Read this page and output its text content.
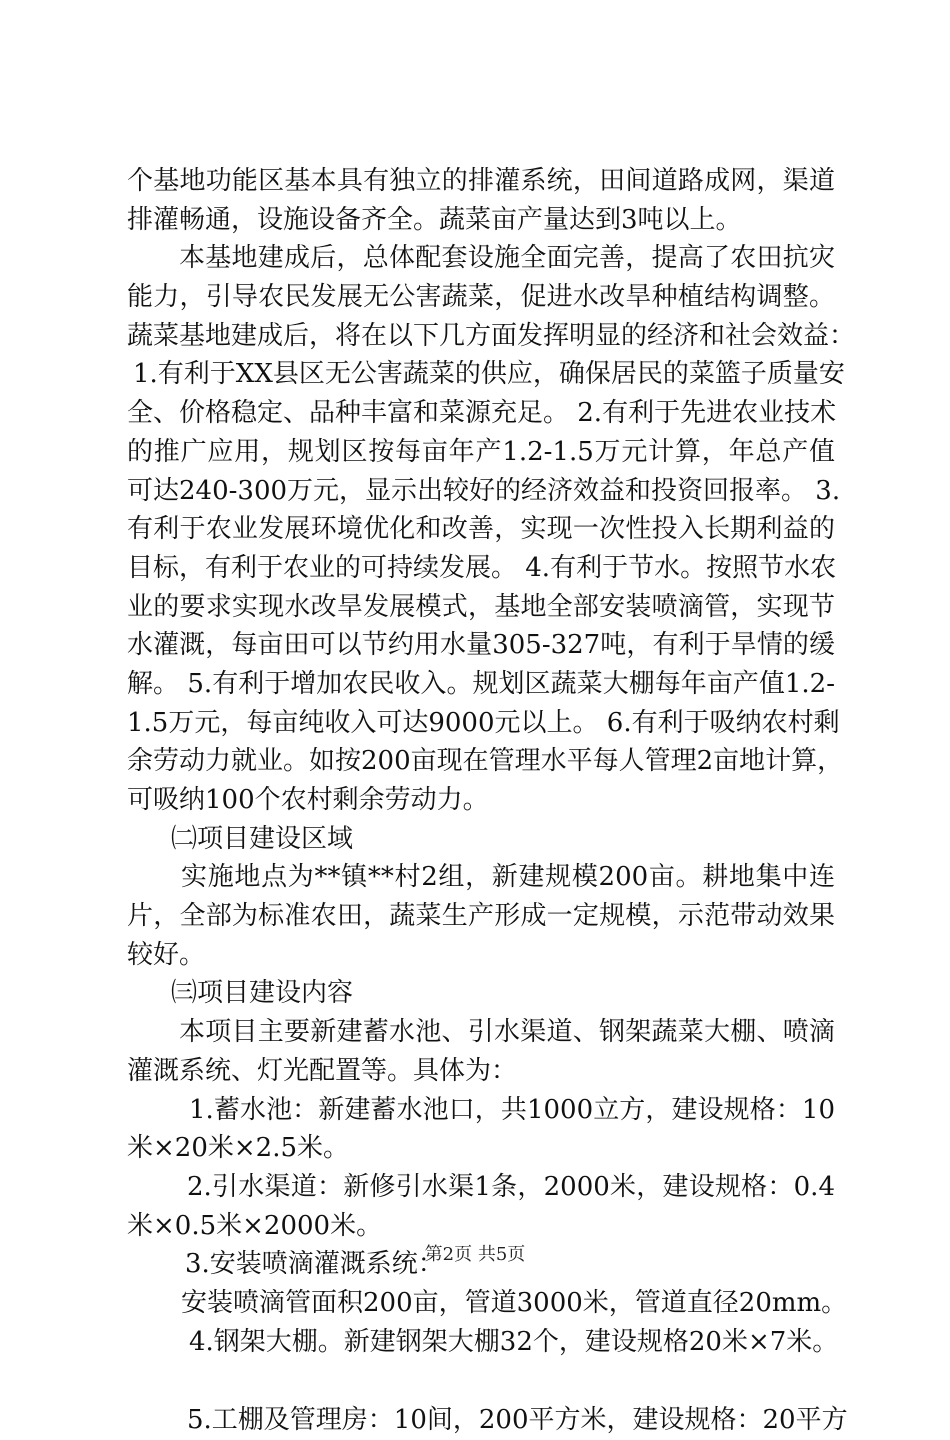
个基地功能区基本具有独立的排灌系统，田间道路成网，渠道
排灌畅通，设施设备齐全。蔬菜亩产量达到3吨以上。
本基地建成后，总体配套设施全面完善，提高了农田抗灾
能力，引导农民发展无公害蔬菜，促进水改旱种植结构调整。
蔬菜基地建成后，将在以下几方面发挥明显的经济和社会效益：
1.有利于XX县区无公害蔬菜的供应，确保居民的菜篮子质量安
全、价格稳定、品种丰富和菜源充足。 2.有利于先进农业技术
的推广应用，规划区按每亩年产1.2-1.5万元计算，年总产值
可达240-300万元，显示出较好的经济效益和投资回报率。 3.
有利于农业发展环境优化和改善，实现一次性投入长期利益的
目标，有利于农业的可持续发展。 4.有利于节水。按照节水农
业的要求实现水改旱发展模式，基地全部安装喷滴管，实现节
水灌溉，每亩田可以节约用水量305-327吨，有利于旱情的缓
解。 5.有利于增加农民收入。规划区蔬菜大棚每年亩产值1.2-
1.5万元，每亩纯收入可达9000元以上。 6.有利于吸纳农村剩
余劳动力就业。如按200亩现在管理水平每人管理2亩地计算，
可吸纳100个农村剩余劳动力。
㈡项目建设区域
实施地点为**镇**村2组，新建规模200亩。耕地集中连
片，全部为标准农田，蔬菜生产形成一定规模，示范带动效果
较好。
㈢项目建设内容
本项目主要新建蓄水池、引水渠道、钢架蔬菜大棚、喷滴
灌溉系统、灯光配置等。具体为：
1.蓄水池：新建蓄水池口，共1000立方，建设规格：10
米×20米×2.5米。
2.引水渠道：新修引水渠1条，2000米，建设规格：0.4
米×0.5米×2000米。
3.安装喷滴灌溉系统：
安装喷滴管面积200亩，管道3000米，管道直径20mm。
4.钢架大棚。新建钢架大棚32个，建设规格20米×7米。
5.工棚及管理房：10间，200平方米，建设规格：20平方
第2页 共5页
